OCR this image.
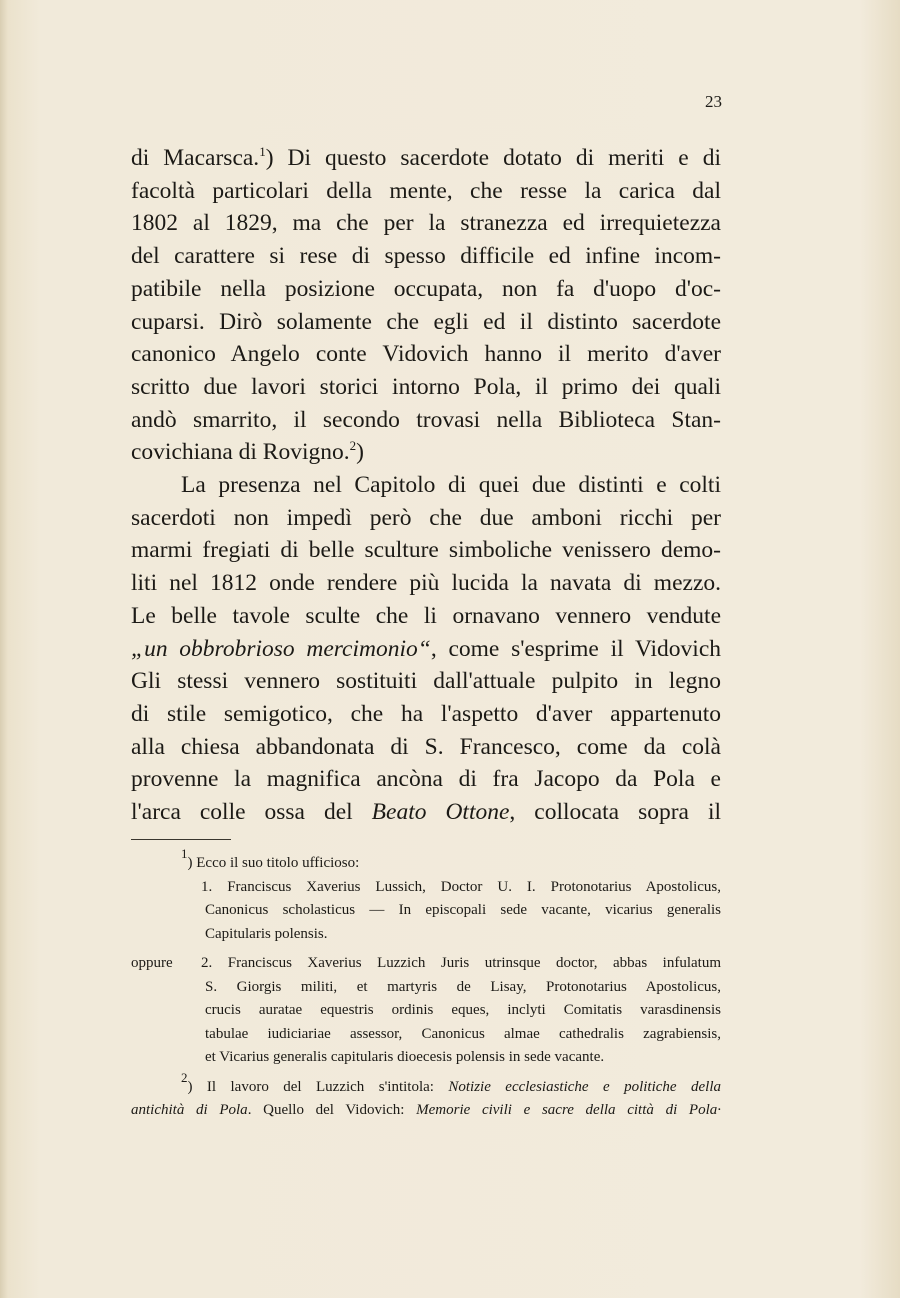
23
di Macarsca.$^1$) Di questo sacerdote dotato di meriti e di
facoltà particolari della mente, che resse la carica dal
1802 al 1829, ma che per la stranezza ed irrequietezza
del carattere si rese di spesso difficile ed infine incom-
patibile nella posizione occupata, non fa d'uopo d'oc-
cuparsi. Dirò solamente che egli ed il distinto sacerdote
canonico Angelo conte Vidovich hanno il merito d'aver
scritto due lavori storici intorno Pola, il primo dei quali
andò smarrito, il secondo trovasi nella Biblioteca Stan-
covichiana di Rovigno.$^2$)
La presenza nel Capitolo di quei due distinti e colti
sacerdoti non impedì però che due amboni ricchi per
marmi fregiati di belle sculture simboliche venissero demo-
liti nel 1812 onde rendere più lucida la navata di mezzo.
Le belle tavole sculte che li ornavano vennero vendute
„un obbrobrioso mercimonio“, come s'esprime il Vidovich
Gli stessi vennero sostituiti dall'attuale pulpito in legno
di stile semigotico, che ha l'aspetto d'aver appartenuto
alla chiesa abbandonata di S. Francesco, come da colà
provenne la magnifica ancòna di fra Jacopo da Pola e
l'arca colle ossa del Beato Ottone, collocata sopra il
$^1$) Ecco il suo titolo ufficioso:
1. Franciscus Xaverius Lussich, Doctor U. I. Protonotarius Apostolicus,
Canonicus scholasticus — In episcopali sede vacante, vicarius generalis
Capitularis polensis.
oppure	2. Franciscus Xaverius Luzzich Juris utrinsque doctor, abbas infulatum
S. Giorgis militi, et martyris de Lisay, Protonotarius Apostolicus,
crucis auratae equestris ordinis eques, inclyti Comitatis varasdinensis
tabulae iudiciariae assessor, Canonicus almae cathedralis zagrabiensis,
et Vicarius generalis capitularis dioecesis polensis in sede vacante.
$^2$) Il lavoro del Luzzich s'intitola: Notizie ecclesiastiche e politiche della
antichità di Pola. Quello del Vidovich: Memorie civili e sacre della città di Pola·
